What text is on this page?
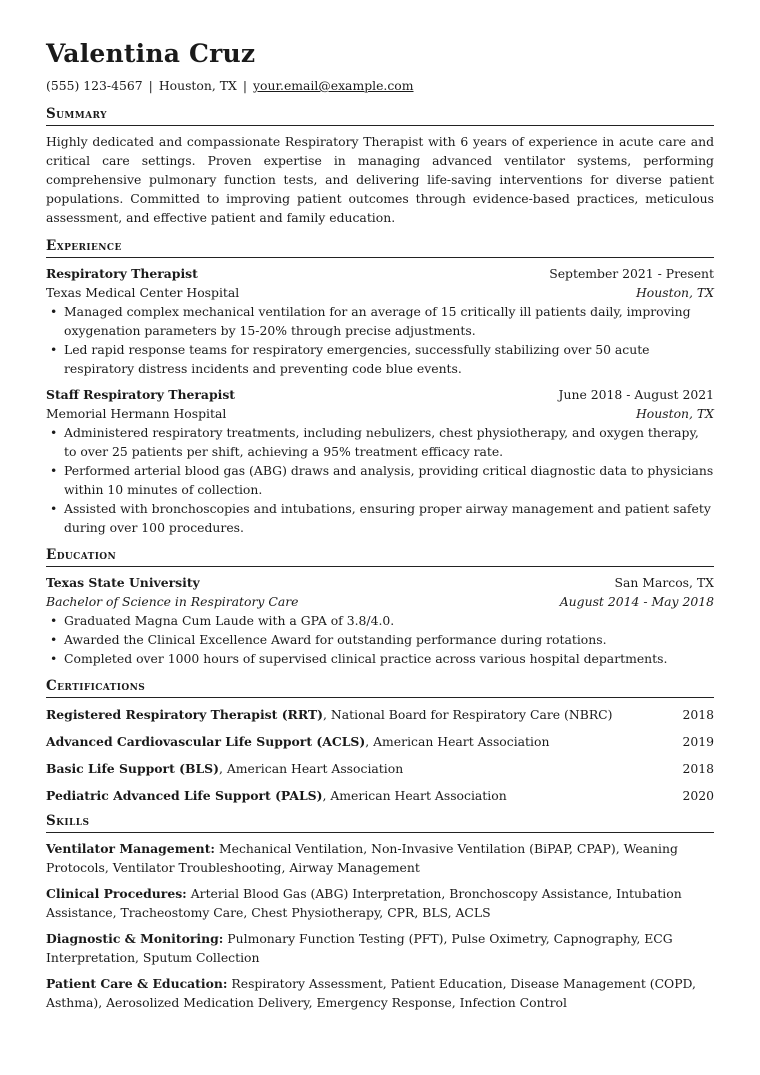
Valentina Cruz
(555) 123-4567 | Houston, TX | your.email@example.com
Summary
Highly dedicated and compassionate Respiratory Therapist with 6 years of experience in acute care and critical care settings. Proven expertise in managing advanced ventilator systems, performing comprehensive pulmonary function tests, and delivering life-saving interventions for diverse patient populations. Committed to improving patient outcomes through evidence-based practices, meticulous assessment, and effective patient and family education.
Experience
Respiratory Therapist	September 2021 - Present
Texas Medical Center Hospital	Houston, TX
• Managed complex mechanical ventilation for an average of 15 critically ill patients daily, improving oxygenation parameters by 15-20% through precise adjustments.
• Led rapid response teams for respiratory emergencies, successfully stabilizing over 50 acute respiratory distress incidents and preventing code blue events.
Staff Respiratory Therapist	June 2018 - August 2021
Memorial Hermann Hospital	Houston, TX
• Administered respiratory treatments, including nebulizers, chest physiotherapy, and oxygen therapy, to over 25 patients per shift, achieving a 95% treatment efficacy rate.
• Performed arterial blood gas (ABG) draws and analysis, providing critical diagnostic data to physicians within 10 minutes of collection.
• Assisted with bronchoscopies and intubations, ensuring proper airway management and patient safety during over 100 procedures.
Education
Texas State University	San Marcos, TX
Bachelor of Science in Respiratory Care	August 2014 - May 2018
• Graduated Magna Cum Laude with a GPA of 3.8/4.0.
• Awarded the Clinical Excellence Award for outstanding performance during rotations.
• Completed over 1000 hours of supervised clinical practice across various hospital departments.
Certifications
Registered Respiratory Therapist (RRT), National Board for Respiratory Care (NBRC)	2018
Advanced Cardiovascular Life Support (ACLS), American Heart Association	2019
Basic Life Support (BLS), American Heart Association	2018
Pediatric Advanced Life Support (PALS), American Heart Association	2020
Skills
Ventilator Management: Mechanical Ventilation, Non-Invasive Ventilation (BiPAP, CPAP), Weaning Protocols, Ventilator Troubleshooting, Airway Management
Clinical Procedures: Arterial Blood Gas (ABG) Interpretation, Bronchoscopy Assistance, Intubation Assistance, Tracheostomy Care, Chest Physiotherapy, CPR, BLS, ACLS
Diagnostic & Monitoring: Pulmonary Function Testing (PFT), Pulse Oximetry, Capnography, ECG Interpretation, Sputum Collection
Patient Care & Education: Respiratory Assessment, Patient Education, Disease Management (COPD, Asthma), Aerosolized Medication Delivery, Emergency Response, Infection Control
